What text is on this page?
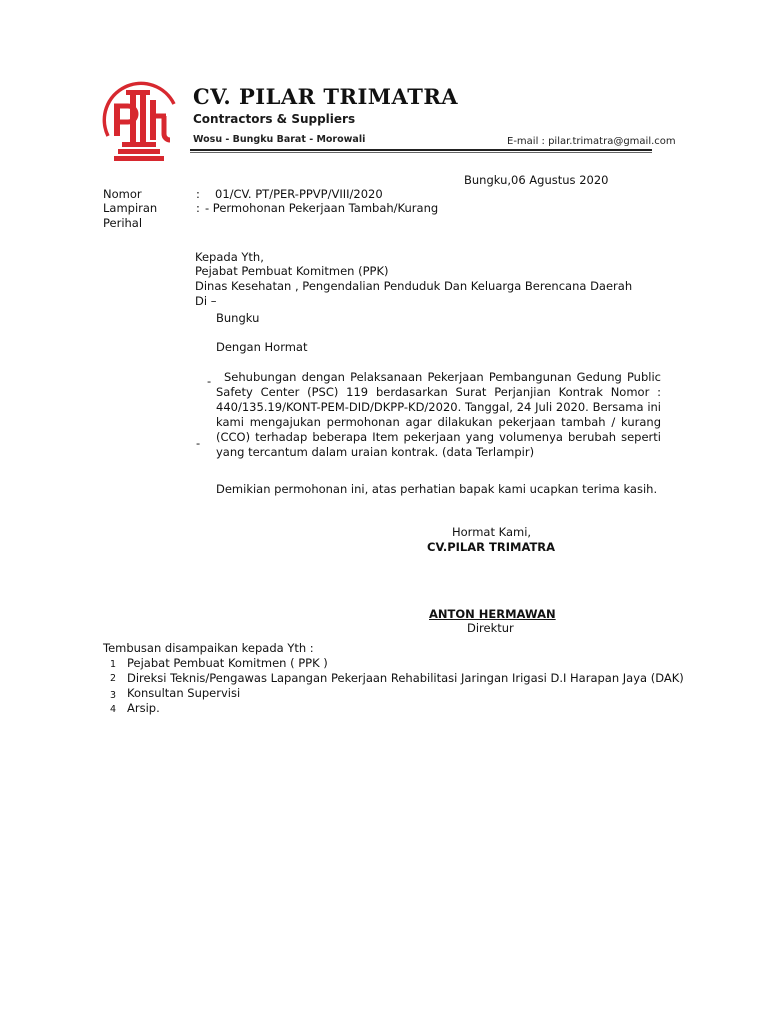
CV. PILAR TRIMATRA
Contractors & Suppliers
Wosu - Bungku Barat - Morowali	E-mail : pilar.trimatra@gmail.com
Bungku,06 Agustus 2020
Nomor
Lampiran
Perihal
: 01/CV. PT/PER-PPVP/VIII/2020
: - Permohonan Pekerjaan Tambah/Kurang
Kepada Yth,
Pejabat Pembuat Komitmen (PPK)
Dinas Kesehatan , Pengendalian Penduduk Dan Keluarga Berencana Daerah
Di –
Bungku
Dengan Hormat
-
-
Sehubungan dengan Pelaksanaan Pekerjaan Pembangunan Gedung Public Safety Center (PSC) 119 berdasarkan Surat Perjanjian Kontrak Nomor : 440/135.19/KONT-PEM-DID/DKPP-KD/2020. Tanggal, 24 Juli 2020. Bersama ini kami mengajukan permohonan agar dilakukan pekerjaan tambah / kurang (CCO) terhadap beberapa Item pekerjaan yang volumenya berubah seperti yang tercantum dalam uraian kontrak. (data Terlampir)
Demikian permohonan ini, atas perhatian bapak kami ucapkan terima kasih.
Hormat Kami,
CV.PILAR TRIMATRA
ANTON HERMAWAN
Direktur
Tembusan disampaikan kepada Yth :
1 Pejabat Pembuat Komitmen ( PPK )
2 Direksi Teknis/Pengawas Lapangan Pekerjaan Rehabilitasi Jaringan Irigasi D.I Harapan Jaya (DAK)
3 Konsultan Supervisi
4 Arsip.
